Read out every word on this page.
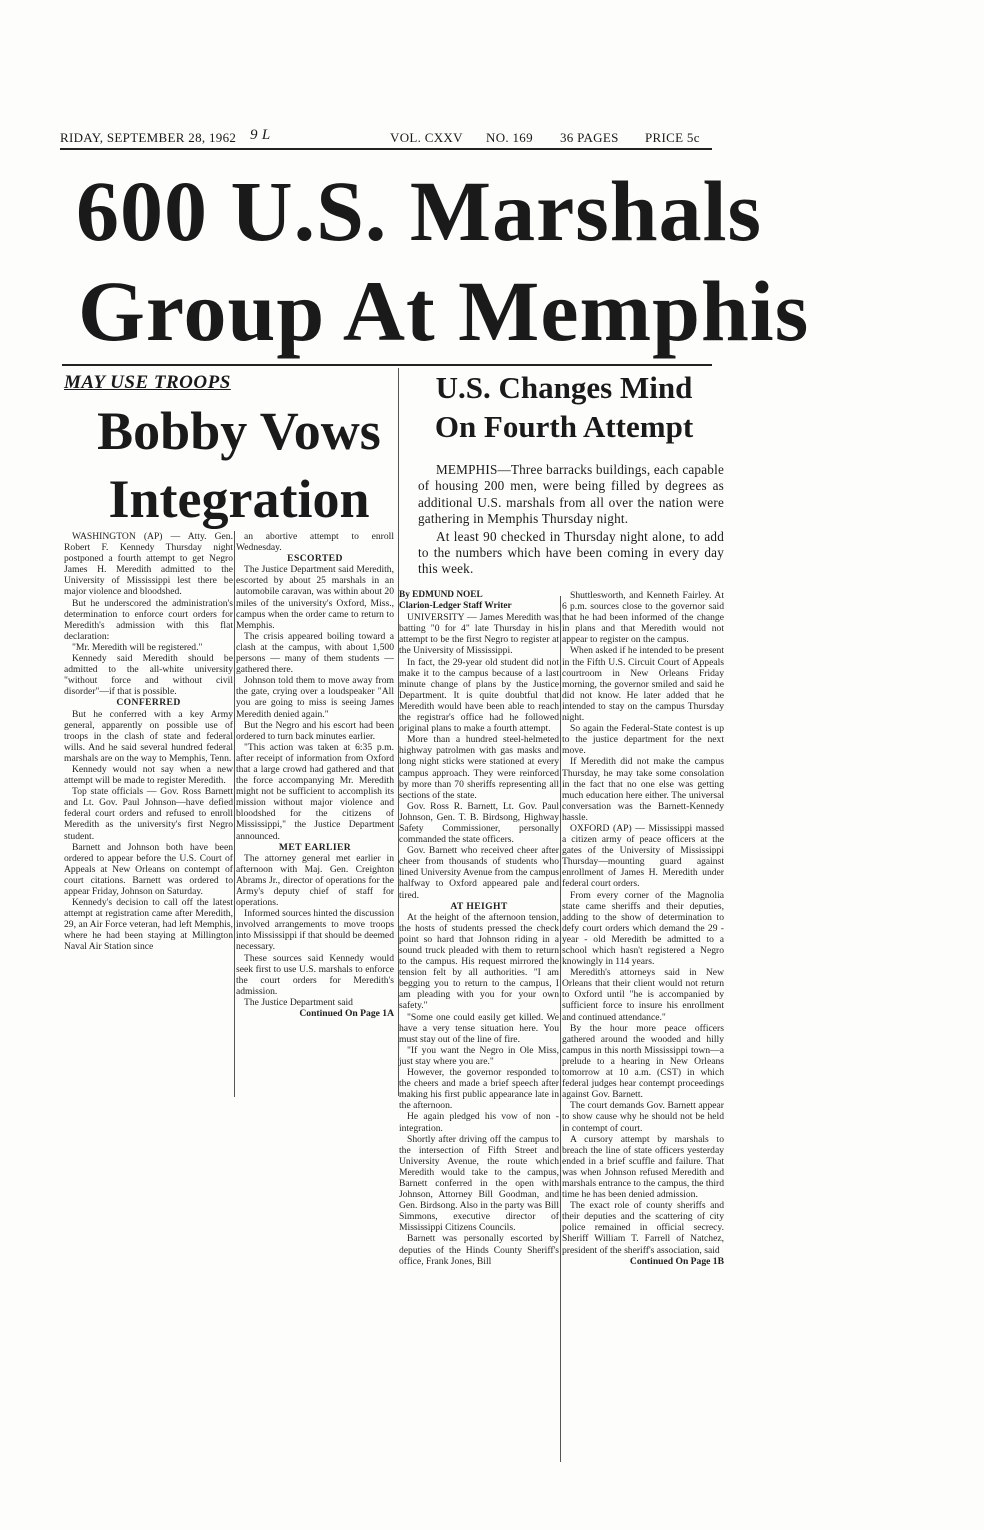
RIDAY, SEPTEMBER 28, 1962 9 L	VOL. CXXV NO. 169 36 PAGES PRICE 5c
600 U.S. Marshals
Group At Memphis
MAY USE TROOPS
Bobby Vows
Integration
U.S. Changes Mind
On Fourth Attempt

MEMPHIS—Three barracks buildings, each capable of housing 200 men, were being filled by degrees as additional U.S. marshals from all over the nation were gathering in Memphis Thursday night.

At least 90 checked in Thursday night alone, to add to the numbers which have been coming in every day this week.

WASHINGTON (AP) — Atty. Gen. Robert F. Kennedy Thursday night postponed a fourth attempt to get Negro James H. Meredith admitted to the University of Mississippi lest there be major violence and bloodshed.

But he underscored the administration's determination to enforce court orders for Meredith's admission with this flat declaration:

"Mr. Meredith will be registered."

Kennedy said Meredith should be admitted to the all-white university "without force and without civil disorder"—if that is possible.

CONFERRED

But he conferred with a key Army general, apparently on possible use of troops in the clash of state and federal wills. And he said several hundred federal marshals are on the way to Memphis, Tenn.

Kennedy would not say when a new attempt will be made to register Meredith.

Top state officials — Gov. Ross Barnett and Lt. Gov. Paul Johnson—have defied federal court orders and refused to enroll Meredith as the university's first Negro student.

Barnett and Johnson both have been ordered to appear before the U.S. Court of Appeals at New Orleans on contempt of court citations. Barnett was ordered to appear Friday, Johnson on Saturday.

Kennedy's decision to call off the latest attempt at registration came after Meredith, 29, an Air Force veteran, had left Memphis, where he had been staying at Millington Naval Air Station since

an abortive attempt to enroll Wednesday.

ESCORTED

The Justice Department said Meredith, escorted by about 25 marshals in an automobile caravan, was within about 20 miles of the university's Oxford, Miss., campus when the order came to return to Memphis.

The crisis appeared boiling toward a clash at the campus, with about 1,500 persons — many of them students — gathered there.

Johnson told them to move away from the gate, crying over a loudspeaker "All you are going to miss is seeing James Meredith denied again."

But the Negro and his escort had been ordered to turn back minutes earlier.

"This action was taken at 6:35 p.m. after receipt of information from Oxford that a large crowd had gathered and that the force accompanying Mr. Meredith might not be sufficient to accomplish its mission without major violence and bloodshed for the citizens of Mississippi," the Justice Department announced.

MET EARLIER

The attorney general met earlier in afternoon with Maj. Gen. Creighton Abrams Jr., director of operations for the Army's deputy chief of staff for operations.

Informed sources hinted the discussion involved arrangements to move troops into Mississippi if that should be deemed necessary.

These sources said Kennedy would seek first to use U.S. marshals to enforce the court orders for Meredith's admission.

The Justice Department said

Continued On Page 1A

By EDMUND NOEL

Clarion-Ledger Staff Writer

UNIVERSITY — James Meredith was batting "0 for 4" late Thursday in his attempt to be the first Negro to register at the University of Mississippi.

In fact, the 29-year old student did not make it to the campus because of a last minute change of plans by the Justice Department. It is quite doubtful that Meredith would have been able to reach the registrar's office had he followed original plans to make a fourth attempt.

More than a hundred steel-helmeted highway patrolmen with gas masks and long night sticks were stationed at every campus approach. They were reinforced by more than 70 sheriffs representing all sections of the state.

Gov. Ross R. Barnett, Lt. Gov. Paul Johnson, Gen. T. B. Birdsong, Highway Safety Commissioner, personally commanded the state officers.

Gov. Barnett who received cheer after cheer from thousands of students who lined University Avenue from the campus halfway to Oxford appeared pale and tired.

AT HEIGHT

At the height of the afternoon tension, the hosts of students pressed the check point so hard that Johnson riding in a sound truck pleaded with them to return to the campus. His request mirrored the tension felt by all authorities. "I am begging you to return to the campus, I am pleading with you for your own safety."

"Some one could easily get killed. We have a very tense situation here. You must stay out of the line of fire.

"If you want the Negro in Ole Miss, just stay where you are."

However, the governor responded to the cheers and made a brief speech after making his first public appearance late in the afternoon.

He again pledged his vow of non - integration.

Shortly after driving off the campus to the intersection of Fifth Street and University Avenue, the route which Meredith would take to the campus, Barnett conferred in the open with Johnson, Attorney Bill Goodman, and Gen. Birdsong. Also in the party was Bill Simmons, executive director of Mississippi Citizens Councils.

Barnett was personally escorted by deputies of the Hinds County Sheriff's office, Frank Jones, Bill

Shuttlesworth, and Kenneth Fairley. At 6 p.m. sources close to the governor said that he had been informed of the change in plans and that Meredith would not appear to register on the campus.

When asked if he intended to be present in the Fifth U.S. Circuit Court of Appeals courtroom in New Orleans Friday morning, the governor smiled and said he did not know. He later added that he intended to stay on the campus Thursday night.

So again the Federal-State contest is up to the justice department for the next move.

If Meredith did not make the campus Thursday, he may take some consolation in the fact that no one else was getting much education here either. The universal conversation was the Barnett-Kennedy hassle.

OXFORD (AP) — Mississippi massed a citizen army of peace officers at the gates of the University of Mississippi Thursday—mounting guard against enrollment of James H. Meredith under federal court orders.

From every corner of the Magnolia state came sheriffs and their deputies, adding to the show of determination to defy court orders which demand the 29 - year - old Meredith be admitted to a school which hasn't registered a Negro knowingly in 114 years.

Meredith's attorneys said in New Orleans that their client would not return to Oxford until "he is accompanied by sufficient force to insure his enrollment and continued attendance."

By the hour more peace officers gathered around the wooded and hilly campus in this north Mississippi town—a prelude to a hearing in New Orleans tomorrow at 10 a.m. (CST) in which federal judges hear contempt proceedings against Gov. Barnett.

The court demands Gov. Barnett appear to show cause why he should not be held in contempt of court.

A cursory attempt by marshals to breach the line of state officers yesterday ended in a brief scuffle and failure. That was when Johnson refused Meredith and marshals entrance to the campus, the third time he has been denied admission.

The exact role of county sheriffs and their deputies and the scattering of city police remained in official secrecy. Sheriff William T. Farrell of Natchez, president of the sheriff's association, said

Continued On Page 1B
